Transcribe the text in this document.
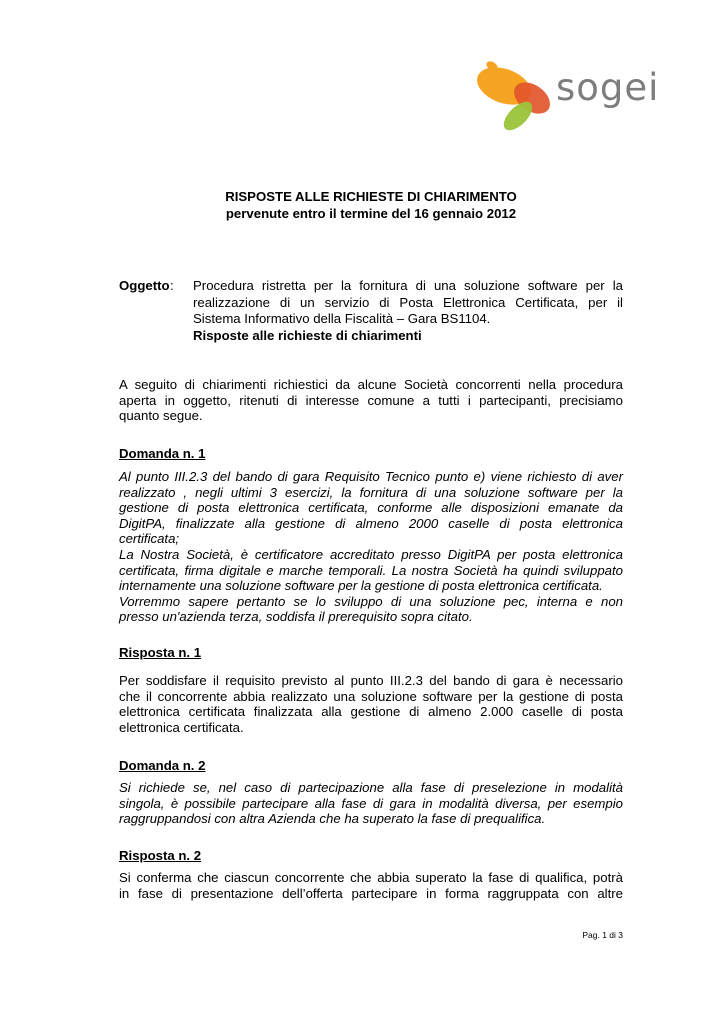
sogei
RISPOSTE ALLE RICHIESTE DI CHIARIMENTO
pervenute entro il termine del 16 gennaio 2012
Oggetto : Procedura ristretta per la fornitura di una soluzione software per la
realizzazione di un servizio di Posta Elettronica Certificata, per il
Sistema Informativo della Fiscalità – Gara BS1104.
Risposte alle richieste di chiarimenti
A seguito di chiarimenti richiestici da alcune Società concorrenti nella procedura
aperta in oggetto, ritenuti di interesse comune a tutti i partecipanti, precisiamo
quanto segue.
Domanda n. 1
Al punto III.2.3 del bando di gara Requisito Tecnico punto e) viene richiesto di aver
realizzato , negli ultimi 3 esercizi, la fornitura di una soluzione software per la
gestione di posta elettronica certificata, conforme alle disposizioni emanate da
DigitPA, finalizzate alla gestione di almeno 2000 caselle di posta elettronica
certificata;
La Nostra Società, è certificatore accreditato presso DigitPA per posta elettronica
certificata, firma digitale e marche temporali. La nostra Società ha quindi sviluppato
internamente una soluzione software per la gestione di posta elettronica certificata.
Vorremmo sapere pertanto se lo sviluppo di una soluzione pec, interna e non
presso un'azienda terza, soddisfa il prerequisito sopra citato.
Risposta n. 1
Per soddisfare il requisito previsto al punto III.2.3 del bando di gara è necessario
che il concorrente abbia realizzato una soluzione software per la gestione di posta
elettronica certificata finalizzata alla gestione di almeno 2.000 caselle di posta
elettronica certificata.
Domanda n. 2
Si richiede se, nel caso di partecipazione alla fase di preselezione in modalità
singola, è possibile partecipare alla fase di gara in modalità diversa, per esempio
raggruppandosi con altra Azienda che ha superato la fase di prequalifica.
Risposta n. 2
Si conferma che ciascun concorrente che abbia superato la fase di qualifica, potrà
in fase di presentazione dell’offerta partecipare in forma raggruppata con altre
Pag. 1 di 3
